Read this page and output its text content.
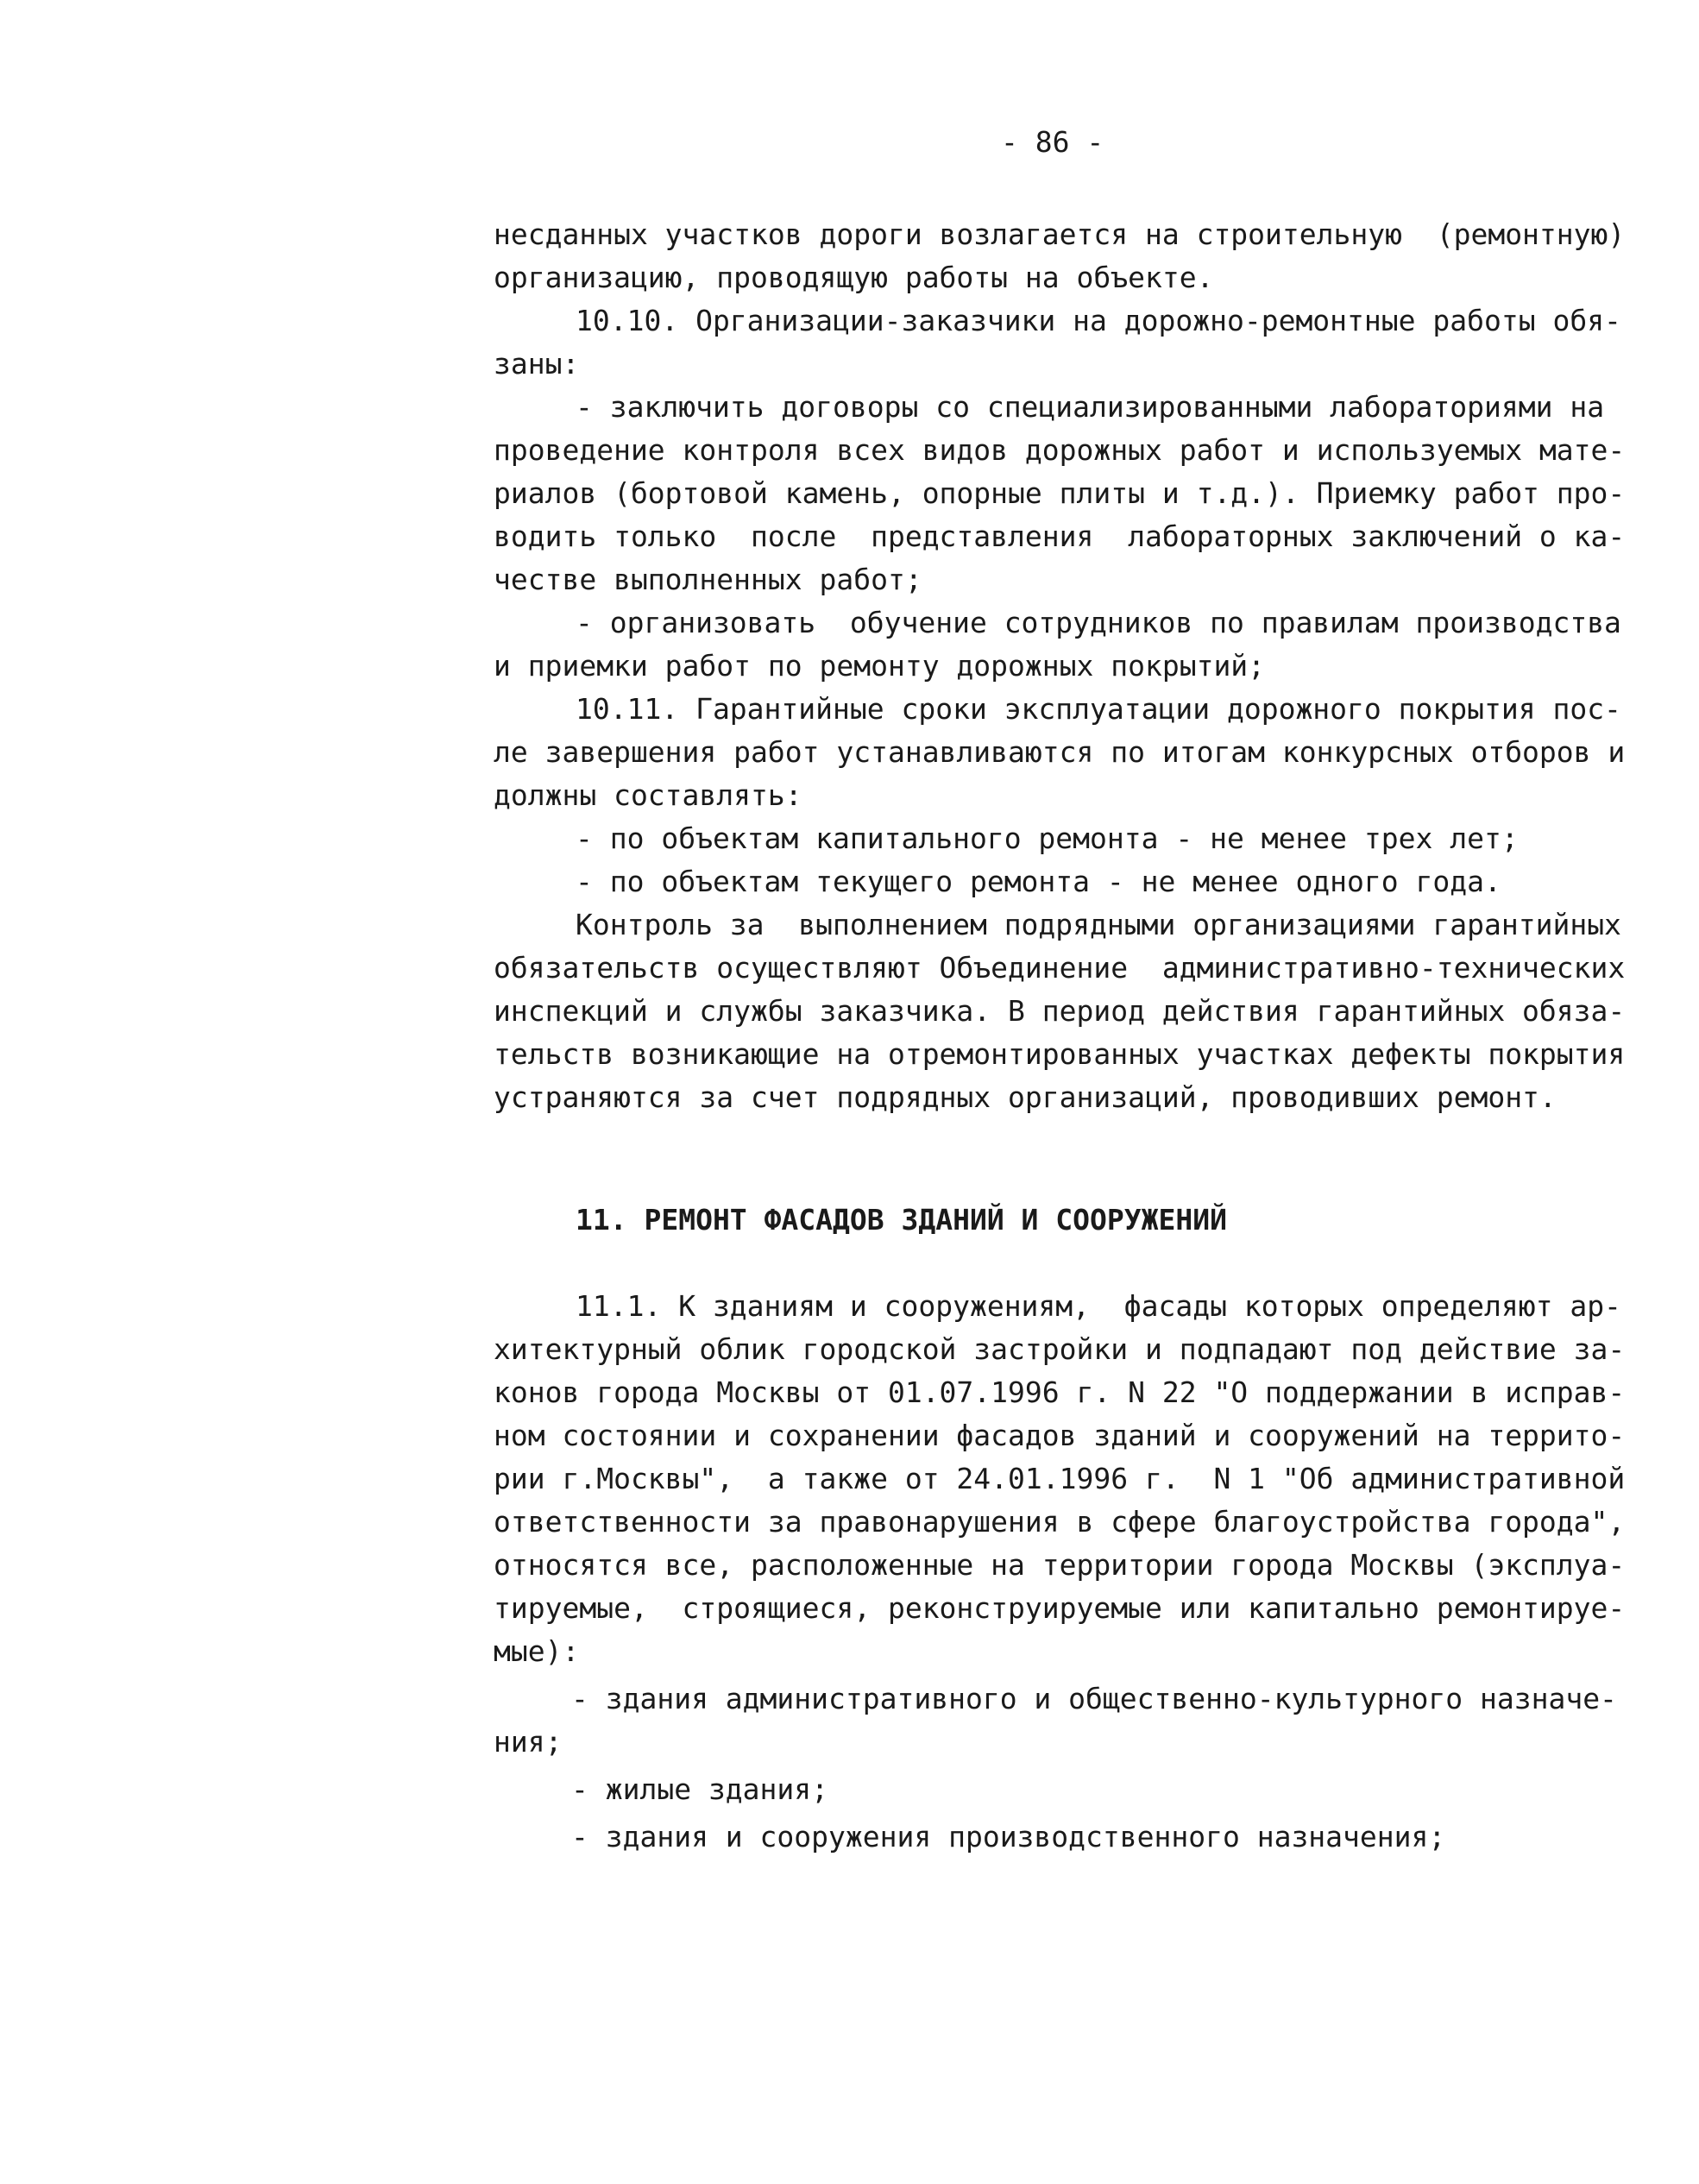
- 86 -
несданных участков дороги возлагается на строительную  (ремонтную)
организацию, проводящую работы на объекте.
10.10. Организации-заказчики на дорожно-ремонтные работы обя-
заны:
- заключить договоры со специализированными лабораториями на
проведение контроля всех видов дорожных работ и используемых мате-
риалов (бортовой камень, опорные плиты и т.д.). Приемку работ про-
водить только  после  представления  лабораторных заключений о ка-
честве выполненных работ;
- организовать  обучение сотрудников по правилам производства
и приемки работ по ремонту дорожных покрытий;
10.11. Гарантийные сроки эксплуатации дорожного покрытия пос-
ле завершения работ устанавливаются по итогам конкурсных отборов и
должны составлять:
- по объектам капитального ремонта - не менее трех лет;
- по объектам текущего ремонта - не менее одного года.
Контроль за  выполнением подрядными организациями гарантийных
обязательств осуществляют Объединение  административно-технических
инспекций и службы заказчика. В период действия гарантийных обяза-
тельств возникающие на отремонтированных участках дефекты покрытия
устраняются за счет подрядных организаций, проводивших ремонт.
11. РЕМОНТ ФАСАДОВ ЗДАНИЙ И СООРУЖЕНИЙ
11.1. К зданиям и сооружениям,  фасады которых определяют ар-
хитектурный облик городской застройки и подпадают под действие за-
конов города Москвы от 01.07.1996 г. N 22 "О поддержании в исправ-
ном состоянии и сохранении фасадов зданий и сооружений на террито-
рии г.Москвы",  а также от 24.01.1996 г.  N 1 "Об административной
ответственности за правонарушения в сфере благоустройства города",
относятся все, расположенные на территории города Москвы (эксплуа-
тируемые,  строящиеся, реконструируемые или капитально ремонтируе-
мые):
- здания административного и общественно-культурного назначе-
ния;
- жилые здания;
- здания и сооружения производственного назначения;
